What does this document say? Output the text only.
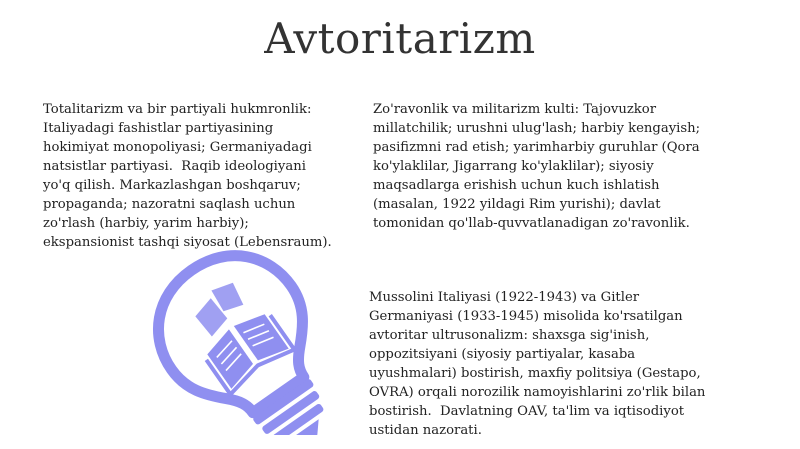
Avtoritarizm
Totalitarizm va bir partiyali hukmronlik:
Italiyadagi fashistlar partiyasining
hokimiyat monopoliyasi; Germaniyadagi
natsistlar partiyasi.  Raqib ideologiyani
yo'q qilish. Markazlashgan boshqaruv;
propaganda; nazoratni saqlash uchun
zo'rlash (harbiy, yarim harbiy);
ekspansionist tashqi siyosat (Lebensraum).
Zo'ravonlik va militarizm kulti: Tajovuzkor
millatchilik; urushni ulug'lash; harbiy kengayish;
pasifizmni rad etish; yarimharbiy guruhlar (Qora
ko'ylaklilar, Jigarrang ko'ylaklilar); siyosiy
maqsadlarga erishish uchun kuch ishlatish
(masalan, 1922 yildagi Rim yurishi); davlat
tomonidan qo'llab-quvvatlanadigan zo'ravonlik.
Mussolini Italiyasi (1922-1943) va Gitler
Germaniyasi (1933-1945) misolida ko'rsatilgan
avtoritar ultrusonalizm: shaxsga sig'inish,
oppozitsiyani (siyosiy partiyalar, kasaba
uyushmalari) bostirish, maxfiy politsiya (Gestapo,
OVRA) orqali norozilik namoyishlarini zo'rlik bilan
bostirish.  Davlatning OAV, ta'lim va iqtisodiyot
ustidan nazorati.
